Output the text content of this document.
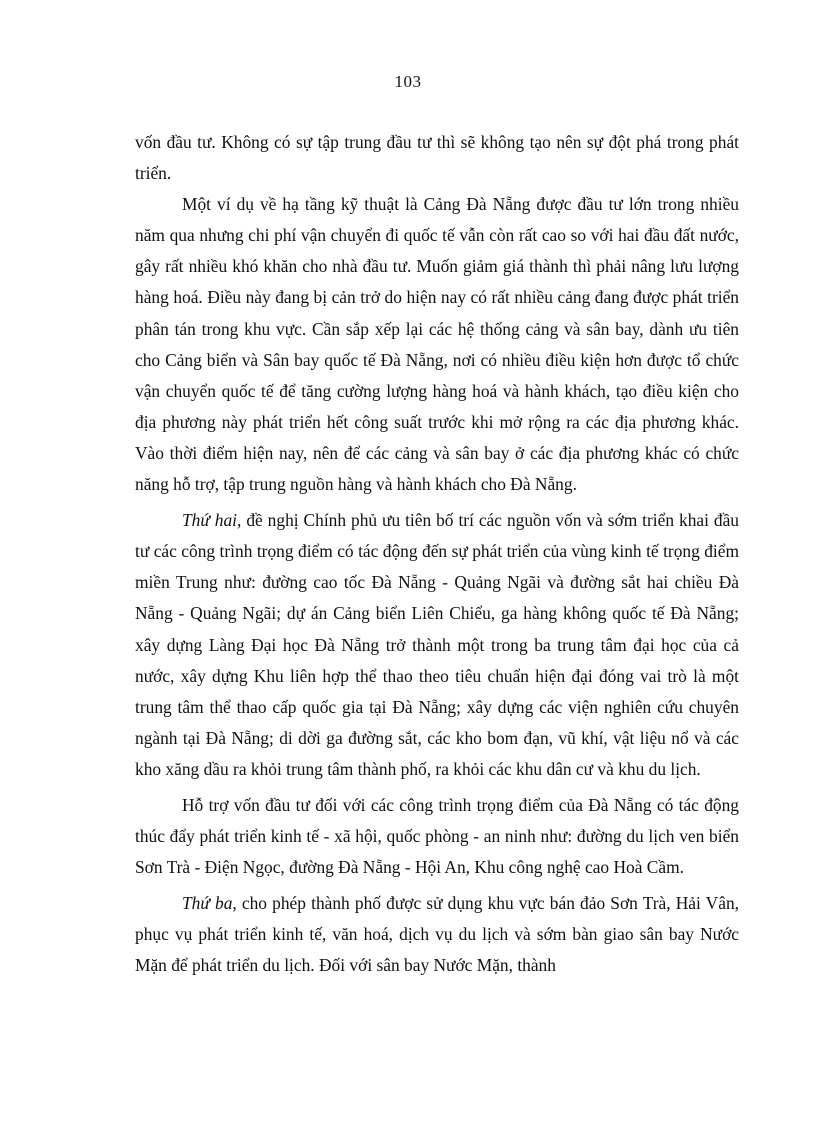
103

vốn đầu tư. Không có sự tập trung đầu tư thì sẽ không tạo nên sự đột phá trong phát triển.

Một ví dụ về hạ tầng kỹ thuật là Cảng Đà Nẵng được đầu tư lớn trong nhiều năm qua nhưng chi phí vận chuyển đi quốc tế vẫn còn rất cao so với hai đầu đất nước, gây rất nhiều khó khăn cho nhà đầu tư. Muốn giảm giá thành thì phải nâng lưu lượng hàng hoá. Điều này đang bị cản trở do hiện nay có rất nhiều cảng đang được phát triển phân tán trong khu vực. Cần sắp xếp lại các hệ thống cảng và sân bay, dành ưu tiên cho Cảng biển và Sân bay quốc tế Đà Nẵng, nơi có nhiều điều kiện hơn được tổ chức vận chuyển quốc tế để tăng cường lượng hàng hoá và hành khách, tạo điều kiện cho địa phương này phát triển hết công suất trước khi mở rộng ra các địa phương khác. Vào thời điểm hiện nay, nên để các cảng và sân bay ở các địa phương khác có chức năng hỗ trợ, tập trung nguồn hàng và hành khách cho Đà Nẵng.

Thứ hai, đề nghị Chính phủ ưu tiên bố trí các nguồn vốn và sớm triển khai đầu tư các công trình trọng điểm có tác động đến sự phát triển của vùng kinh tế trọng điểm miền Trung như: đường cao tốc Đà Nẵng - Quảng Ngãi và đường sắt hai chiều Đà Nẵng - Quảng Ngãi; dự án Cảng biển Liên Chiểu, ga hàng không quốc tế Đà Nẵng; xây dựng Làng Đại học Đà Nẵng trở thành một trong ba trung tâm đại học của cả nước, xây dựng Khu liên hợp thể thao theo tiêu chuẩn hiện đại đóng vai trò là một trung tâm thể thao cấp quốc gia tại Đà Nẵng; xây dựng các viện nghiên cứu chuyên ngành tại Đà Nẵng; di dời ga đường sắt, các kho bom đạn, vũ khí, vật liệu nổ và các kho xăng dầu ra khỏi trung tâm thành phố, ra khỏi các khu dân cư và khu du lịch.

Hỗ trợ vốn đầu tư đối với các công trình trọng điểm của Đà Nẵng có tác động thúc đẩy phát triển kinh tế - xã hội, quốc phòng - an ninh như: đường du lịch ven biển Sơn Trà - Điện Ngọc, đường Đà Nẵng - Hội An, Khu công nghệ cao Hoà Cầm.

Thứ ba, cho phép thành phố được sử dụng khu vực bán đảo Sơn Trà, Hải Vân, phục vụ phát triển kinh tế, văn hoá, dịch vụ du lịch và sớm bàn giao sân bay Nước Mặn để phát triển du lịch. Đối với sân bay Nước Mặn, thành
